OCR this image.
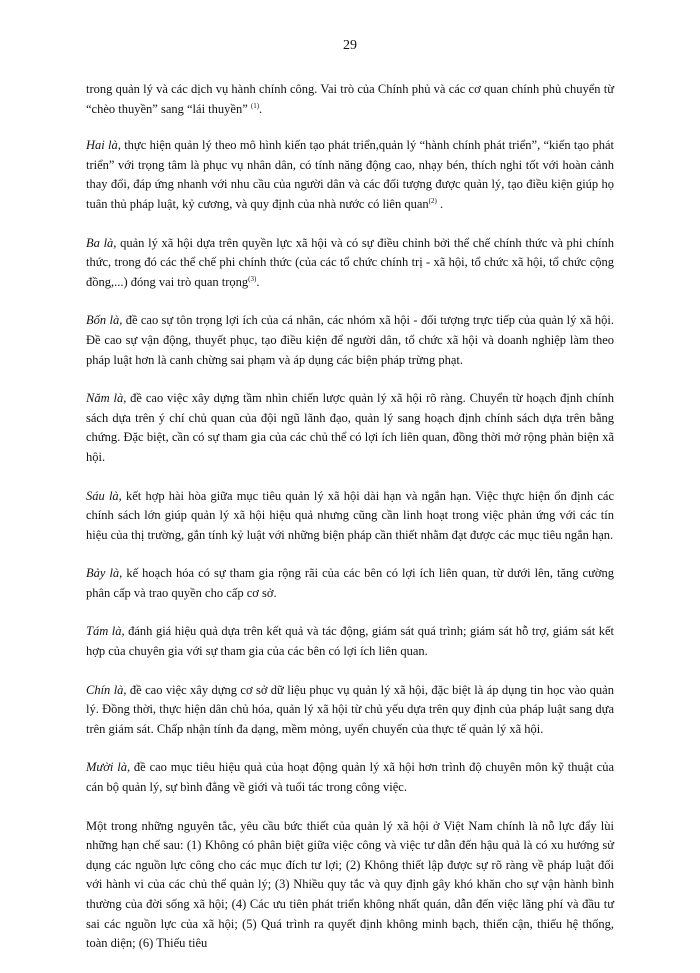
29

trong quản lý và các dịch vụ hành chính công. Vai trò của Chính phủ và các cơ quan chính phủ chuyển từ “chèo thuyền” sang “lái thuyền” $^{(1)}$.

Hai là, thực hiện quản lý theo mô hình kiến tạo phát triển,quản lý “hành chính phát triển”, “kiến tạo phát triển” với trọng tâm là phục vụ nhân dân, có tính năng động cao, nhạy bén, thích nghi tốt với hoàn cảnh thay đổi, đáp ứng nhanh với nhu cầu của người dân và các đối tượng được quản lý, tạo điều kiện giúp họ tuân thủ pháp luật, kỷ cương, và quy định của nhà nước có liên quan$^{(2)}$ .

Ba là, quản lý xã hội dựa trên quyền lực xã hội và có sự điều chỉnh bởi thể chế chính thức và phi chính thức, trong đó các thể chế phi chính thức (của các tổ chức chính trị - xã hội, tổ chức xã hội, tổ chức cộng đồng,...) đóng vai trò quan trọng$^{(3)}$.

Bốn là, đề cao sự tôn trọng lợi ích của cá nhân, các nhóm xã hội - đối tượng trực tiếp của quản lý xã hội. Đề cao sự vận động, thuyết phục, tạo điều kiện để người dân, tổ chức xã hội và doanh nghiệp làm theo pháp luật hơn là canh chừng sai phạm và áp dụng các biện pháp trừng phạt.

Năm là, đề cao việc xây dựng tầm nhìn chiến lược quản lý xã hội rõ ràng. Chuyển từ hoạch định chính sách dựa trên ý chí chủ quan của đội ngũ lãnh đạo, quản lý sang hoạch định chính sách dựa trên bằng chứng. Đặc biệt, cần có sự tham gia của các chủ thể có lợi ích liên quan, đồng thời mở rộng phản biện xã hội.

Sáu là, kết hợp hài hòa giữa mục tiêu quản lý xã hội dài hạn và ngắn hạn. Việc thực hiện ổn định các chính sách lớn giúp quản lý xã hội hiệu quả nhưng cũng cần linh hoạt trong việc phản ứng với các tín hiệu của thị trường, gắn tính kỷ luật với những biện pháp cần thiết nhằm đạt được các mục tiêu ngắn hạn.

Bảy là, kế hoạch hóa có sự tham gia rộng rãi của các bên có lợi ích liên quan, từ dưới lên, tăng cường phân cấp và trao quyền cho cấp cơ sở.

Tám là, đánh giá hiệu quả dựa trên kết quả và tác động, giám sát quá trình; giám sát hỗ trợ, giám sát kết hợp của chuyên gia với sự tham gia của các bên có lợi ích liên quan.

Chín là, đề cao việc xây dựng cơ sở dữ liệu phục vụ quản lý xã hội, đặc biệt là áp dụng tin học vào quản lý. Đồng thời, thực hiện dân chủ hóa, quản lý xã hội từ chủ yếu dựa trên quy định của pháp luật sang dựa trên giám sát. Chấp nhận tính đa dạng, mềm mỏng, uyển chuyển của thực tế quản lý xã hội.

Mười là, đề cao mục tiêu hiệu quả của hoạt động quản lý xã hội hơn trình độ chuyên môn kỹ thuật của cán bộ quản lý, sự bình đẳng về giới và tuổi tác trong công việc.

Một trong những nguyên tắc, yêu cầu bức thiết của quản lý xã hội ở Việt Nam chính là nỗ lực đẩy lùi những hạn chế sau: (1) Không có phân biệt giữa việc công và việc tư dẫn đến hậu quả là có xu hướng sử dụng các nguồn lực công cho các mục đích tư lợi; (2) Không thiết lập được sự rõ ràng về pháp luật đối với hành vi của các chủ thể quản lý; (3) Nhiều quy tắc và quy định gây khó khăn cho sự vận hành bình thường của đời sống xã hội; (4) Các ưu tiên phát triển không nhất quán, dẫn đến việc lãng phí và đầu tư sai các nguồn lực của xã hội; (5) Quá trình ra quyết định không minh bạch, thiển cận, thiếu hệ thống, toàn diện; (6) Thiếu tiêu
